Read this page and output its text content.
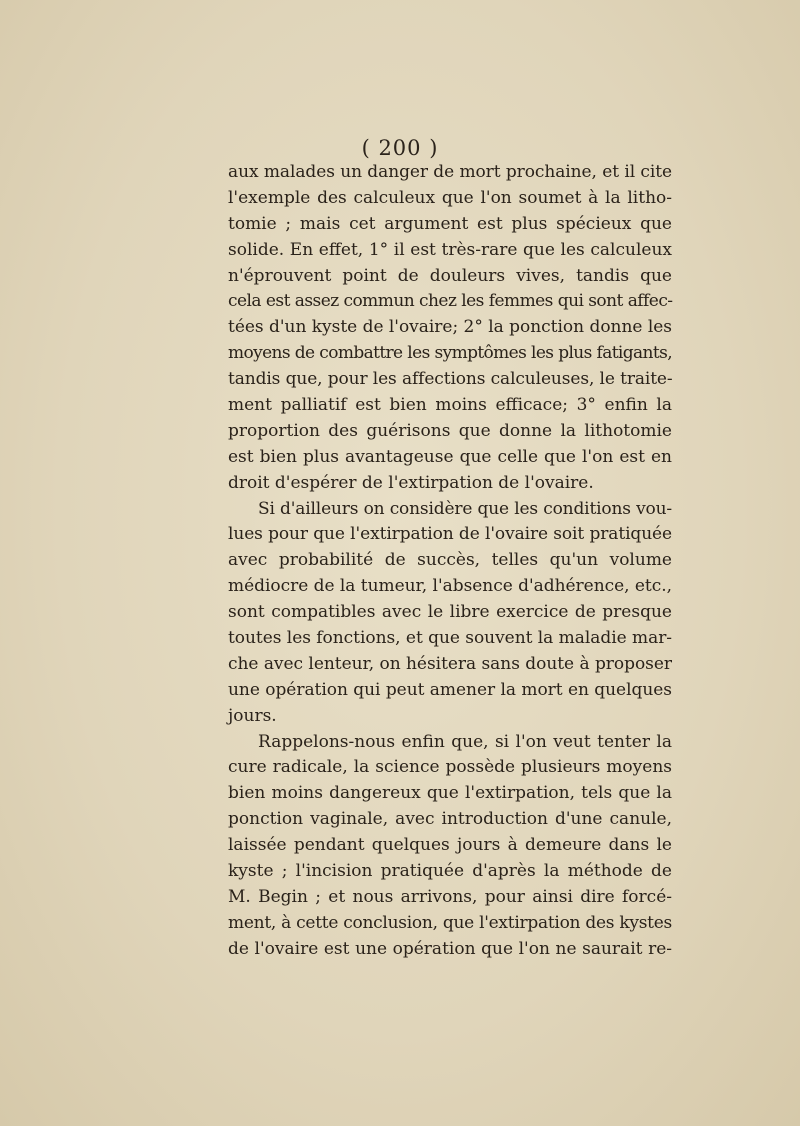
( 200 )
aux malades un danger de mort prochaine, et il cite
l'exemple des calculeux que l'on soumet à la litho-
tomie ; mais cet argument est plus spécieux que
solide. En effet, 1° il est très-rare que les calculeux
n'éprouvent point de douleurs vives, tandis que
cela est assez commun chez les femmes qui sont affec-
tées d'un kyste de l'ovaire; 2° la ponction donne les
moyens de combattre les symptômes les plus fatigants,
tandis que, pour les affections calculeuses, le traite-
ment palliatif est bien moins efficace; 3° enfin la
proportion des guérisons que donne la lithotomie
est bien plus avantageuse que celle que l'on est en
droit d'espérer de l'extirpation de l'ovaire.
Si d'ailleurs on considère que les conditions vou-
lues pour que l'extirpation de l'ovaire soit pratiquée
avec probabilité de succès, telles qu'un volume
médiocre de la tumeur, l'absence d'adhérence, etc.,
sont compatibles avec le libre exercice de presque
toutes les fonctions, et que souvent la maladie mar-
che avec lenteur, on hésitera sans doute à proposer
une opération qui peut amener la mort en quelques
jours.
Rappelons-nous enfin que, si l'on veut tenter la
cure radicale, la science possède plusieurs moyens
bien moins dangereux que l'extirpation, tels que la
ponction vaginale, avec introduction d'une canule,
laissée pendant quelques jours à demeure dans le
kyste ; l'incision pratiquée d'après la méthode de
M. Begin ; et nous arrivons, pour ainsi dire forcé-
ment, à cette conclusion, que l'extirpation des kystes
de l'ovaire est une opération que l'on ne saurait re-
